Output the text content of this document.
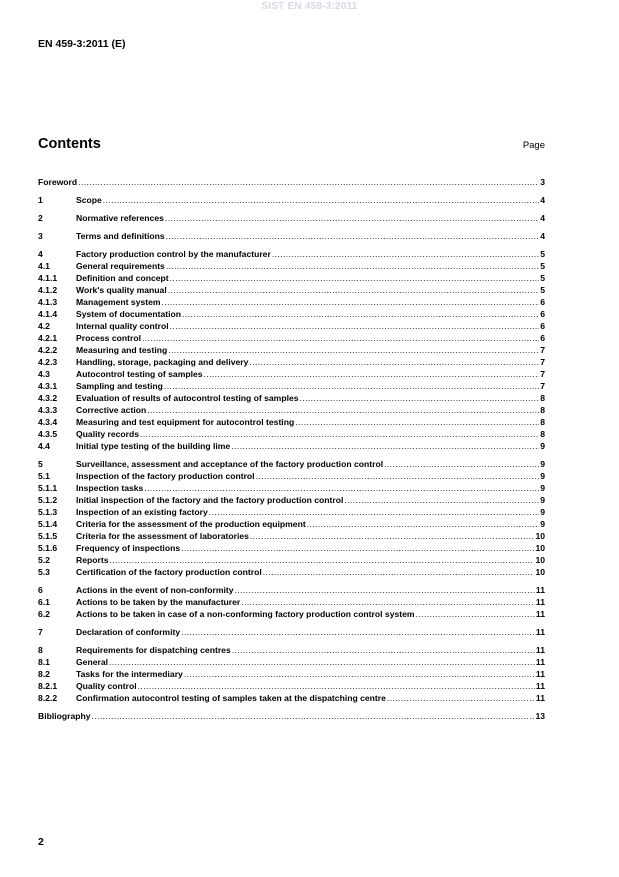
SIST EN 459-3:2011
EN 459-3:2011 (E)
Contents	Page
Foreword .....	3
1	Scope .....	4
2	Normative references .....	4
3	Terms and definitions .....	4
4	Factory production control by the manufacturer .....	5
4.1	General requirements .....	5
4.1.1	Definition and concept .....	5
4.1.2	Work's quality manual .....	5
4.1.3	Management system .....	6
4.1.4	System of documentation .....	6
4.2	Internal quality control .....	6
4.2.1	Process control .....	6
4.2.2	Measuring and testing .....	7
4.2.3	Handling, storage, packaging and delivery .....	7
4.3	Autocontrol testing of samples .....	7
4.3.1	Sampling and testing .....	7
4.3.2	Evaluation of results of autocontrol testing of samples .....	8
4.3.3	Corrective action .....	8
4.3.4	Measuring and test equipment for autocontrol testing .....	8
4.3.5	Quality records .....	8
4.4	Initial type testing of the building lime .....	9
5	Surveillance, assessment and acceptance of the factory production control .....	9
5.1	Inspection of the factory production control .....	9
5.1.1	Inspection tasks .....	9
5.1.2	Initial inspection of the factory and the factory production control .....	9
5.1.3	Inspection of an existing factory .....	9
5.1.4	Criteria for the assessment of the production equipment .....	9
5.1.5	Criteria for the assessment of laboratories .....	10
5.1.6	Frequency of inspections .....	10
5.2	Reports .....	10
5.3	Certification of the factory production control .....	10
6	Actions in the event of non-conformity .....	11
6.1	Actions to be taken by the manufacturer .....	11
6.2	Actions to be taken in case of a non-conforming factory production control system .....	11
7	Declaration of conformity .....	11
8	Requirements for dispatching centres .....	11
8.1	General .....	11
8.2	Tasks for the intermediary .....	11
8.2.1	Quality control .....	11
8.2.2	Confirmation autocontrol testing of samples taken at the dispatching centre .....	11
Bibliography .....	13
2
